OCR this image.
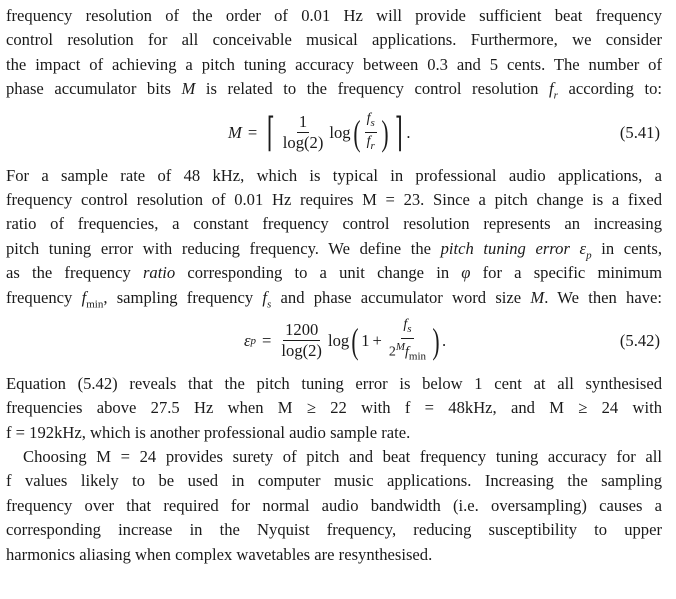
frequency resolution of the order of 0.01 Hz will provide sufficient beat frequency
control resolution for all conceivable musical applications. Furthermore, we consider
the impact of achieving a pitch tuning accuracy between 0.3 and 5 cents. The number of
phase accumulator bits M is related to the frequency control resolution $f_r$ according to:
M = ⌈ $\frac{1}{\log(2)}$ log ( $\frac{f_s}{f_r}$ ) ⌉ .	(5.41)
For a sample rate of 48 kHz, which is typical in professional audio applications, a
frequency control resolution of 0.01 Hz requires M = 23. Since a pitch change is a fixed
ratio of frequencies, a constant frequency control resolution represents an increasing
pitch tuning error with reducing frequency. We define the pitch tuning error $\varepsilon_p$ in cents,
as the frequency ratio corresponding to a unit change in φ for a specific minimum
frequency $f_{min}$, sampling frequency $f_s$ and phase accumulator word size M. We then have:
ε $p = \frac{1200}{\log(2)}$ log ( $1 + \frac{f_s}{2^Mf_{min}}$ ) .	(5.42)
Equation (5.42) reveals that the pitch tuning error is below 1 cent at all synthesised
frequencies above 27.5 Hz when M ≥ 22 with f = 48kHz, and M ≥ 24 with
f = 192kHz, which is another professional audio sample rate.
Choosing M = 24 provides surety of pitch and beat frequency tuning accuracy for all
f values likely to be used in computer music applications. Increasing the sampling
frequency over that required for normal audio bandwidth (i.e. oversampling) causes a
corresponding increase in the Nyquist frequency, reducing susceptibility to upper
harmonics aliasing when complex wavetables are resynthesised.
